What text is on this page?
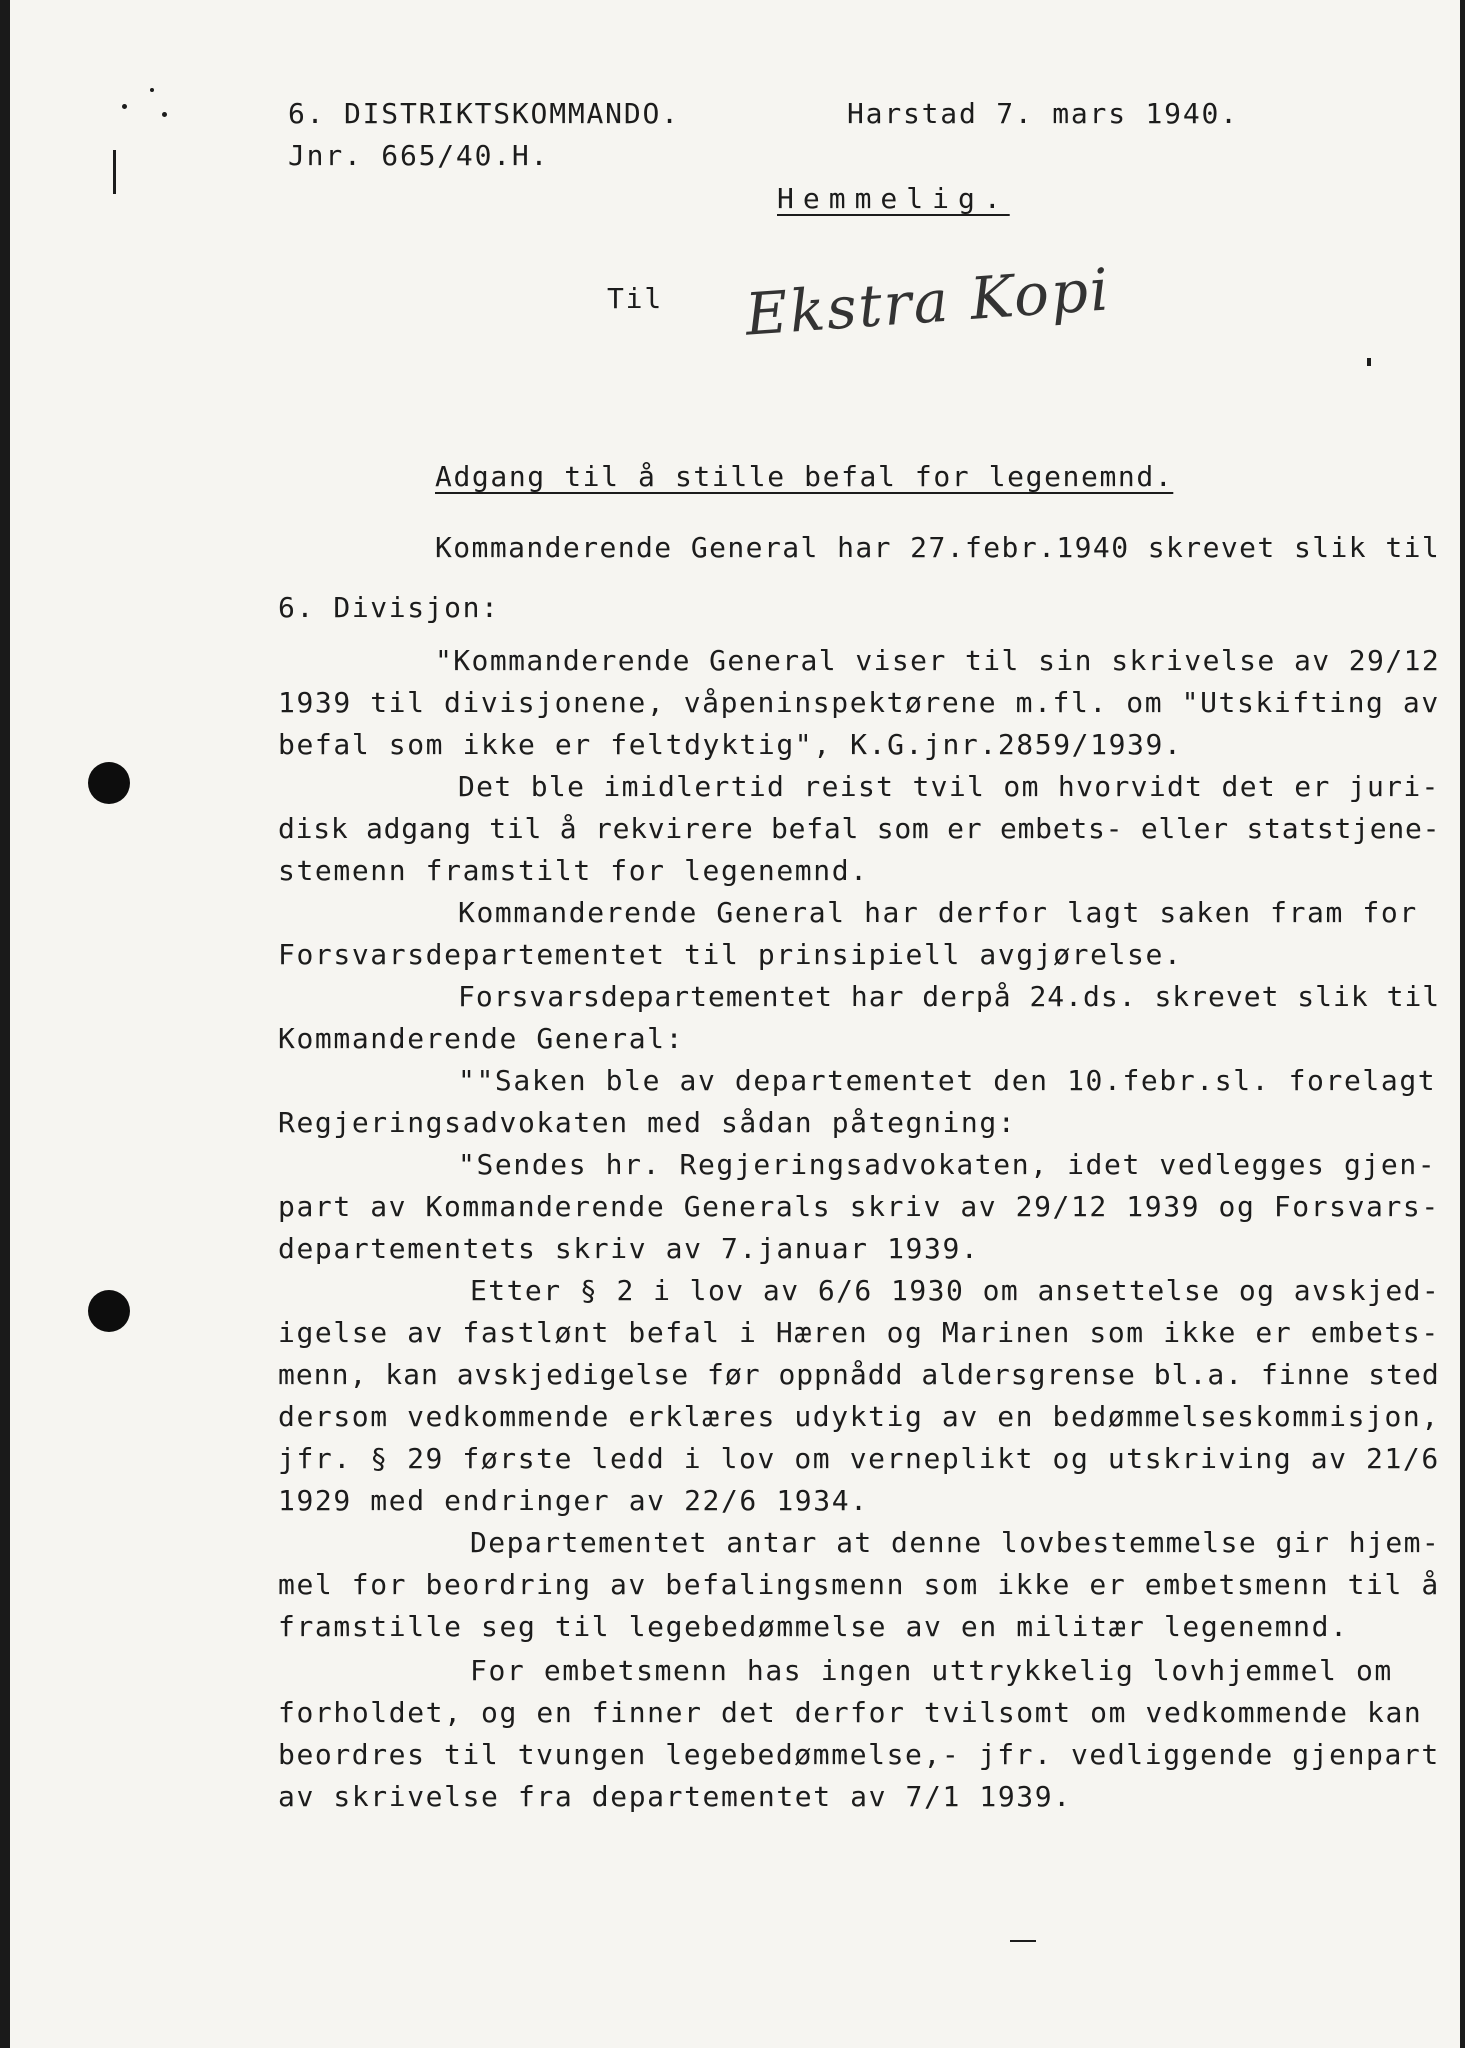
6. DISTRIKTSKOMMANDO.
Jnr. 665/40.H.
Harstad 7. mars 1940.
Hemmelig.
Til Ekstra Kopi
Adgang til å stille befal for legenemnd.
Kommanderende General har 27.febr.1940 skrevet slik til
6. Divisjon:
"Kommanderende General viser til sin skrivelse av 29/12
1939 til divisjonene, våpeninspektørene m.fl. om "Utskifting av
befal som ikke er feltdyktig", K.G.jnr.2859/1939.
Det ble imidlertid reist tvil om hvorvidt det er juri-
disk adgang til å rekvirere befal som er embets- eller statstjene-
stemenn framstilt for legenemnd.
Kommanderende General har derfor lagt saken fram for
Forsvarsdepartementet til prinsipiell avgjørelse.
Forsvarsdepartementet har derpå 24.ds. skrevet slik til
Kommanderende General:
""Saken ble av departementet den 10.febr.sl. forelagt
Regjeringsadvokaten med sådan påtegning:
"Sendes hr. Regjeringsadvokaten, idet vedlegges gjen-
part av Kommanderende Generals skriv av 29/12 1939 og Forsvars-
departementets skriv av 7.januar 1939.
Etter § 2 i lov av 6/6 1930 om ansettelse og avskjed-
igelse av fastlønt befal i Hæren og Marinen som ikke er embets-
menn, kan avskjedigelse før oppnådd aldersgrense bl.a. finne sted
dersom vedkommende erklæres udyktig av en bedømmelseskommisjon,
jfr. § 29 første ledd i lov om verneplikt og utskriving av 21/6
1929 med endringer av 22/6 1934.
Departementet antar at denne lovbestemmelse gir hjem-
mel for beordring av befalingsmenn som ikke er embetsmenn til å
framstille seg til legebedømmelse av en militær legenemnd.
For embetsmenn has ingen uttrykkelig lovhjemmel om
forholdet, og en finner det derfor tvilsomt om vedkommende kan
beordres til tvungen legebedømmelse,- jfr. vedliggende gjenpart
av skrivelse fra departementet av 7/1 1939.
